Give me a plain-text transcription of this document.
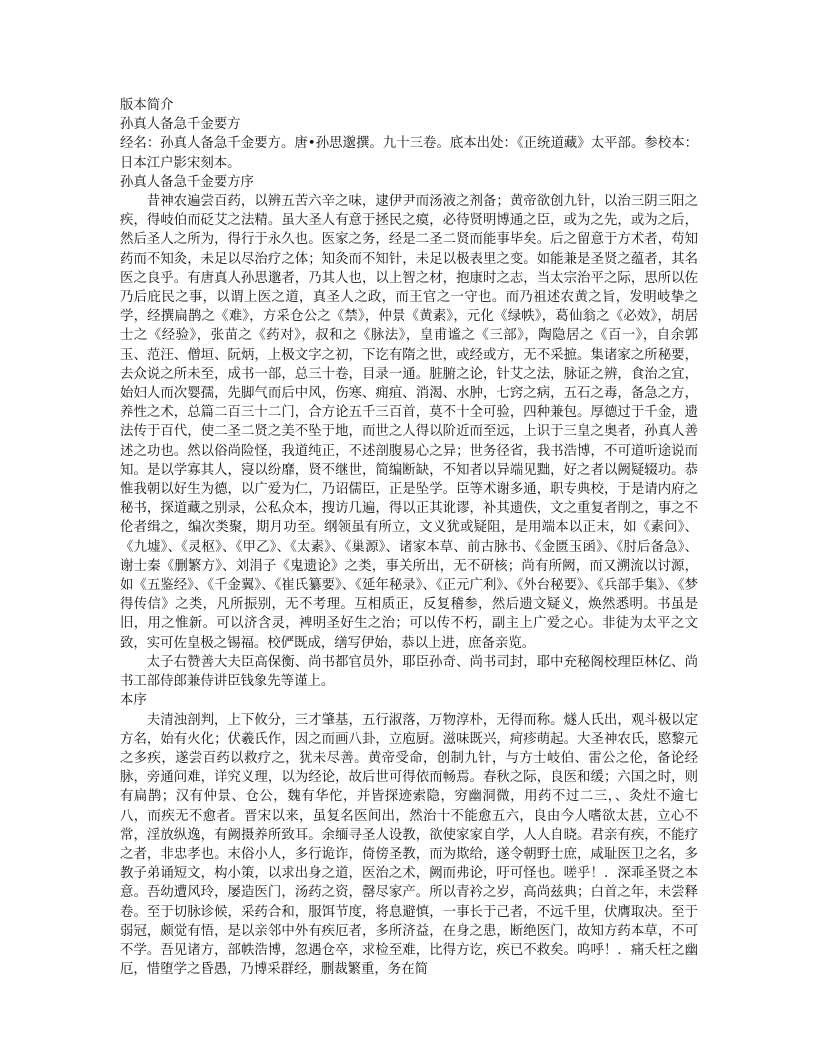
版本简介

孙真人备急千金要方

经名：孙真人备急千金要方。唐•孙思邈撰。九十三卷。底本出处：《正统道藏》太平部。参校本：日本江户影宋刻本。

孙真人备急千金要方序

昔神农遍尝百药，以辨五苦六辛之味，逮伊尹而汤液之剂备；黄帝欲创九针，以治三阴三阳之疾，得岐伯而砭艾之法精。虽大圣人有意于拯民之瘼，必待贤明博通之臣，或为之先，或为之后，然后圣人之所为，得行于永久也。医家之务，经是二圣二贤而能事毕矣。后之留意于方术者，苟知药而不知灸，未足以尽治疗之体；知灸而不知针，未足以极表里之变。如能兼是圣贤之蕴者，其名医之良乎。有唐真人孙思邈者，乃其人也，以上智之材，抱康时之志，当太宗治平之际，思所以佐乃后庇民之事，以谓上医之道，真圣人之政，而王官之一守也。而乃祖述农黄之旨，发明岐挚之学，经撰扁鹊之《难》，方采仓公之《禁》，仲景《黄素》，元化《绿帙》，葛仙翁之《必效》，胡居士之《经验》，张苗之《药对》，叔和之《脉法》，皇甫谧之《三部》，陶隐居之《百一》，自余郭玉、范汪、僧垣、阮炳，上极文字之初，下讫有隋之世，或经或方，无不采摭。集诸家之所秘要，去众说之所未至，成书一部，总三十卷，目录一通。脏腑之论，针艾之法，脉证之辨，食治之宜，始妇人而次婴孺，先脚气而后中风，伤寒、痈疽、消渴、水肿，七窍之病，五石之毒，备急之方，养性之术，总篇二百三十二门，合方论五千三百首，莫不十全可验，四种兼包。厚德过于千金，遗法传于百代，使二圣二贤之美不坠于地，而世之人得以阶近而至远，上识于三皇之奥者，孙真人善述之功也。然以俗尚险怪，我道纯正，不述剖腹易心之异；世务径省，我书浩博，不可道听途说而知。是以学寡其人，寖以纷靡，贤不继世，简编断缺，不知者以异端见黜，好之者以阙疑辍功。恭惟我朝以好生为德，以广爱为仁，乃诏儒臣，正是坠学。臣等术谢多通，职专典校，于是请内府之秘书，探道藏之别录，公私众本，搜访几遍，得以正其讹谬，补其遗佚，文之重复者削之，事之不伦者缉之，编次类聚，期月功至。纲领虽有所立，文义犹或疑阻，是用端本以正末，如《素问》、《九墟》、《灵枢》、《甲乙》、《太素》、《巢源》、诸家本草、前古脉书、《金匮玉函》、《肘后备急》、谢士秦《删繁方》、刘涓子《鬼遗论》之类，事关所出，无不研核；尚有所阙，而又溯流以讨源，如《五鉴经》、《千金翼》、《崔氏纂要》、《延年秘录》、《正元广利》、《外台秘要》、《兵部手集》、《梦得传信》之类，凡所振别，无不考理。互相质正，反复稽参，然后遗文疑义，焕然悉明。书虽是旧，用之惟新。可以济含灵，裨明圣好生之治；可以传不朽，副主上广爱之心。非徒为太平之文致，实可佐皇极之锡福。校俨既成，缮写伊始，恭以上进，庶备亲览。

太子右赞善大夫臣高保衡、尚书都官员外，耶臣孙奇、尚书司封，耶中充秘阁校理臣林亿、尚书工部侍郎兼侍讲臣钱象先等谨上。

本序

夫清浊剖判，上下攸分，三才肇基，五行淑落，万物淳朴，无得而称。燧人氏出，观斗极以定方名，始有火化；伏羲氏作，因之而画八卦，立庖厨。滋味既兴，疴疹萌起。大圣神农氏，愍黎元之多疾，遂尝百药以救疗之，犹未尽善。黄帝受命，创制九针，与方士岐伯、雷公之伦，备论经脉，旁通问难，详究义理，以为经论，故后世可得依而畅焉。春秋之际，良医和缓；六国之时，则有扁鹊；汉有仲景、仓公，魏有华佗，并皆探迹索隐，穷幽洞微，用药不过二三，、灸灶不逾七八，而疾无不愈者。晋宋以来，虽复名医间出，然治十不能愈五六，良由今人嗜欲太甚，立心不常，淫放纵逸，有阙摄养所致耳。余缅寻圣人设教，欲使家家自学，人人自晓。君亲有疾，不能疗之者，非忠孝也。末俗小人，多行诡诈，倚傍圣教，而为欺给，遂令朝野士庶，咸耻医卫之名，多教子弟诵短文，构小策，以求出身之道，医治之术，阙而弗论，吁可怪也。嗟乎！．深乖圣贤之本意。吾幼遭风玲，屡造医门，汤药之资，罄尽家产。所以青衿之岁，高尚兹典；白首之年，未尝释卷。至于切脉诊候，采药合和，服饵节度，将息避慎，一事长于己者，不远千里，伏膺取决。至于弱冠，颇觉有悟，是以亲邻中外有疾厄者，多所济益，在身之患，断绝医门，故知方药本草，不可不学。吾见诸方，部帙浩博，忽遇仓卒，求检至难，比得方讫，疾已不救矣。呜呼！．痛夭枉之幽厄，惜堕学之昏愚，乃博采群经，删裁繁重，务在简
